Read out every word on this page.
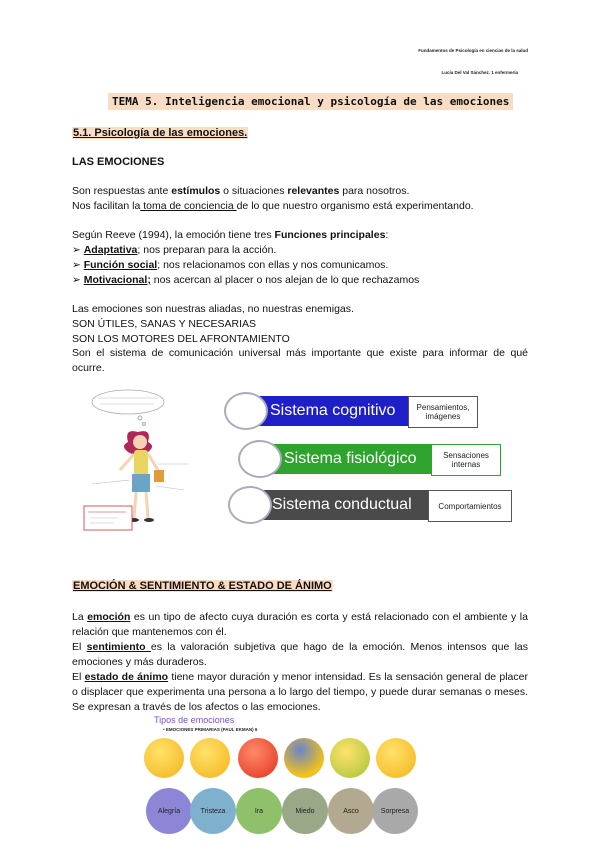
Fundamentos de Psicología en ciencias de la salud
Lucía Del Val Sánchez. 1 enfermería
TEMA 5. Inteligencia emocional y psicología de las emociones
5.1. Psicología de las emociones.
LAS EMOCIONES
Son respuestas ante estímulos o situaciones relevantes para nosotros.
Nos facilitan la toma de conciencia de lo que nuestro organismo está experimentando.
Según Reeve (1994), la emoción tiene tres Funciones principales:
➢ Adaptativa; nos preparan para la acción.
➢ Función social; nos relacionamos con ellas y nos comunicamos.
➢ Motivacional; nos acercan al placer o nos alejan de lo que rechazamos
Las emociones son nuestras aliadas, no nuestras enemigas.
SON ÚTILES, SANAS Y NECESARIAS
SON LOS MOTORES DEL AFRONTAMIENTO
Son el sistema de comunicación universal más importante que existe para informar de qué ocurre.
Sistema cognitivo	Pensamientos, imágenes
Sistema fisiológico	Sensaciones internas
Sistema conductual	Comportamientos
EMOCIÓN & SENTIMIENTO & ESTADO DE ÁNIMO
La emoción es un tipo de afecto cuya duración es corta y está relacionado con el ambiente y la relación que mantenemos con él.
El sentimiento es la valoración subjetiva que hago de la emoción. Menos intensos que las emociones y más duraderos.
El estado de ánimo tiene mayor duración y menor intensidad. Es la sensación general de placer o displacer que experimenta una persona a lo largo del tiempo, y puede durar semanas o meses. Se expresan a través de los afectos o las emociones.
Tipos de emociones
• EMOCIONES PRIMARIAS (PAUL EKMAN) 6
Alegría	Tristeza	Ira	Miedo	Asco	Sorpresa
